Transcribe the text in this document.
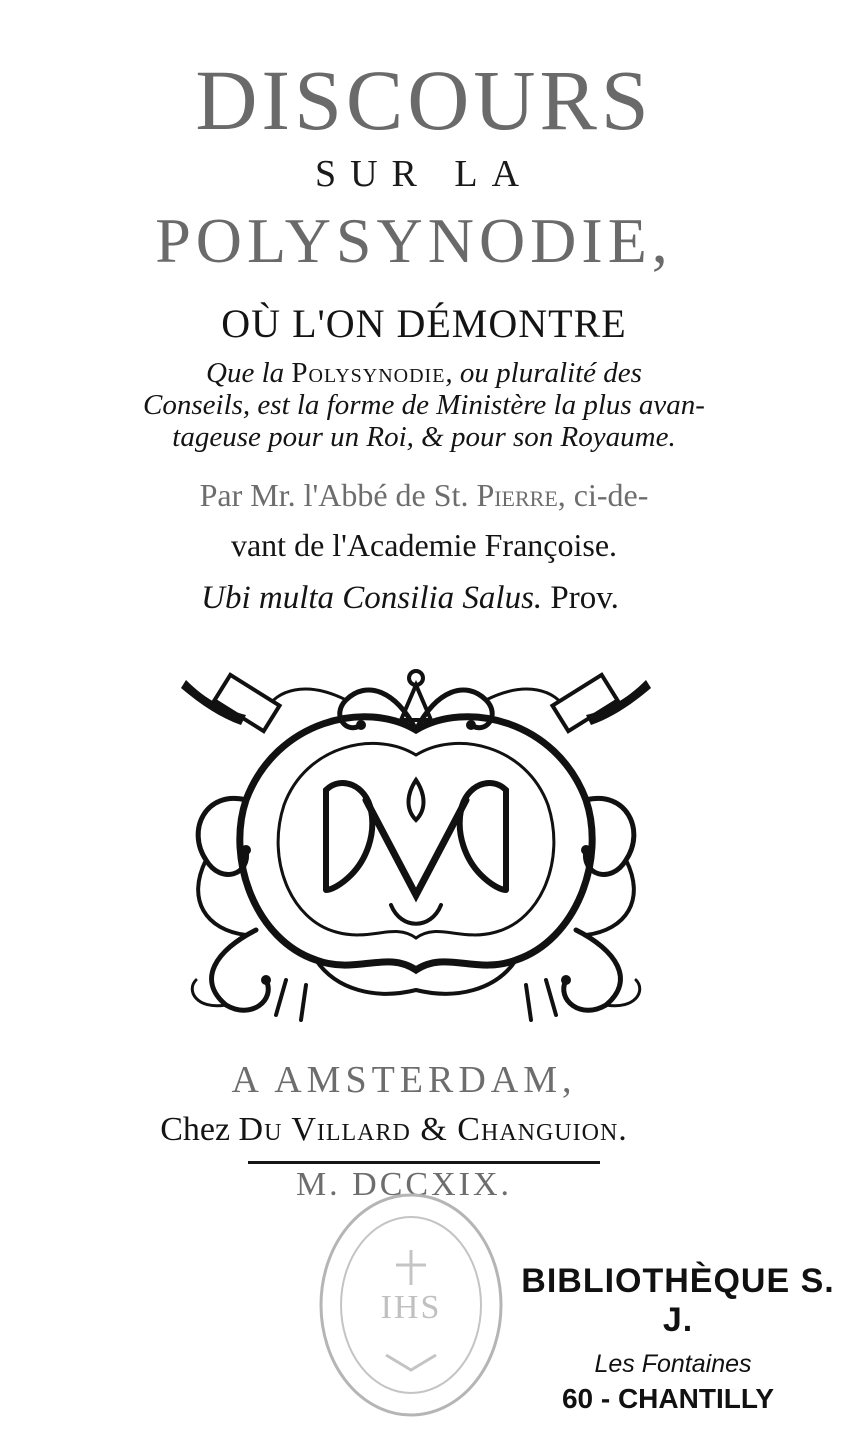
DISCOURS
SUR LA
POLYSYNODIE,
OÙ L'ON DÉMONTRE
Que la Polysynodie, ou pluralité des
Conseils, est la forme de Ministère la plus avan-
tageuse pour un Roi, & pour son Royaume.
Par Mr. l'Abbé de St. Pierre, ci-de-
vant de l'Academie Françoise.
Ubi multa Consilia Salus. Prov.
A AMSTERDAM,
Chez Du Villard & Changuion.
M. DCCXIX.
IHS
BIBLIOTHÈQUE S. J.
Les Fontaines
60 - CHANTILLY
